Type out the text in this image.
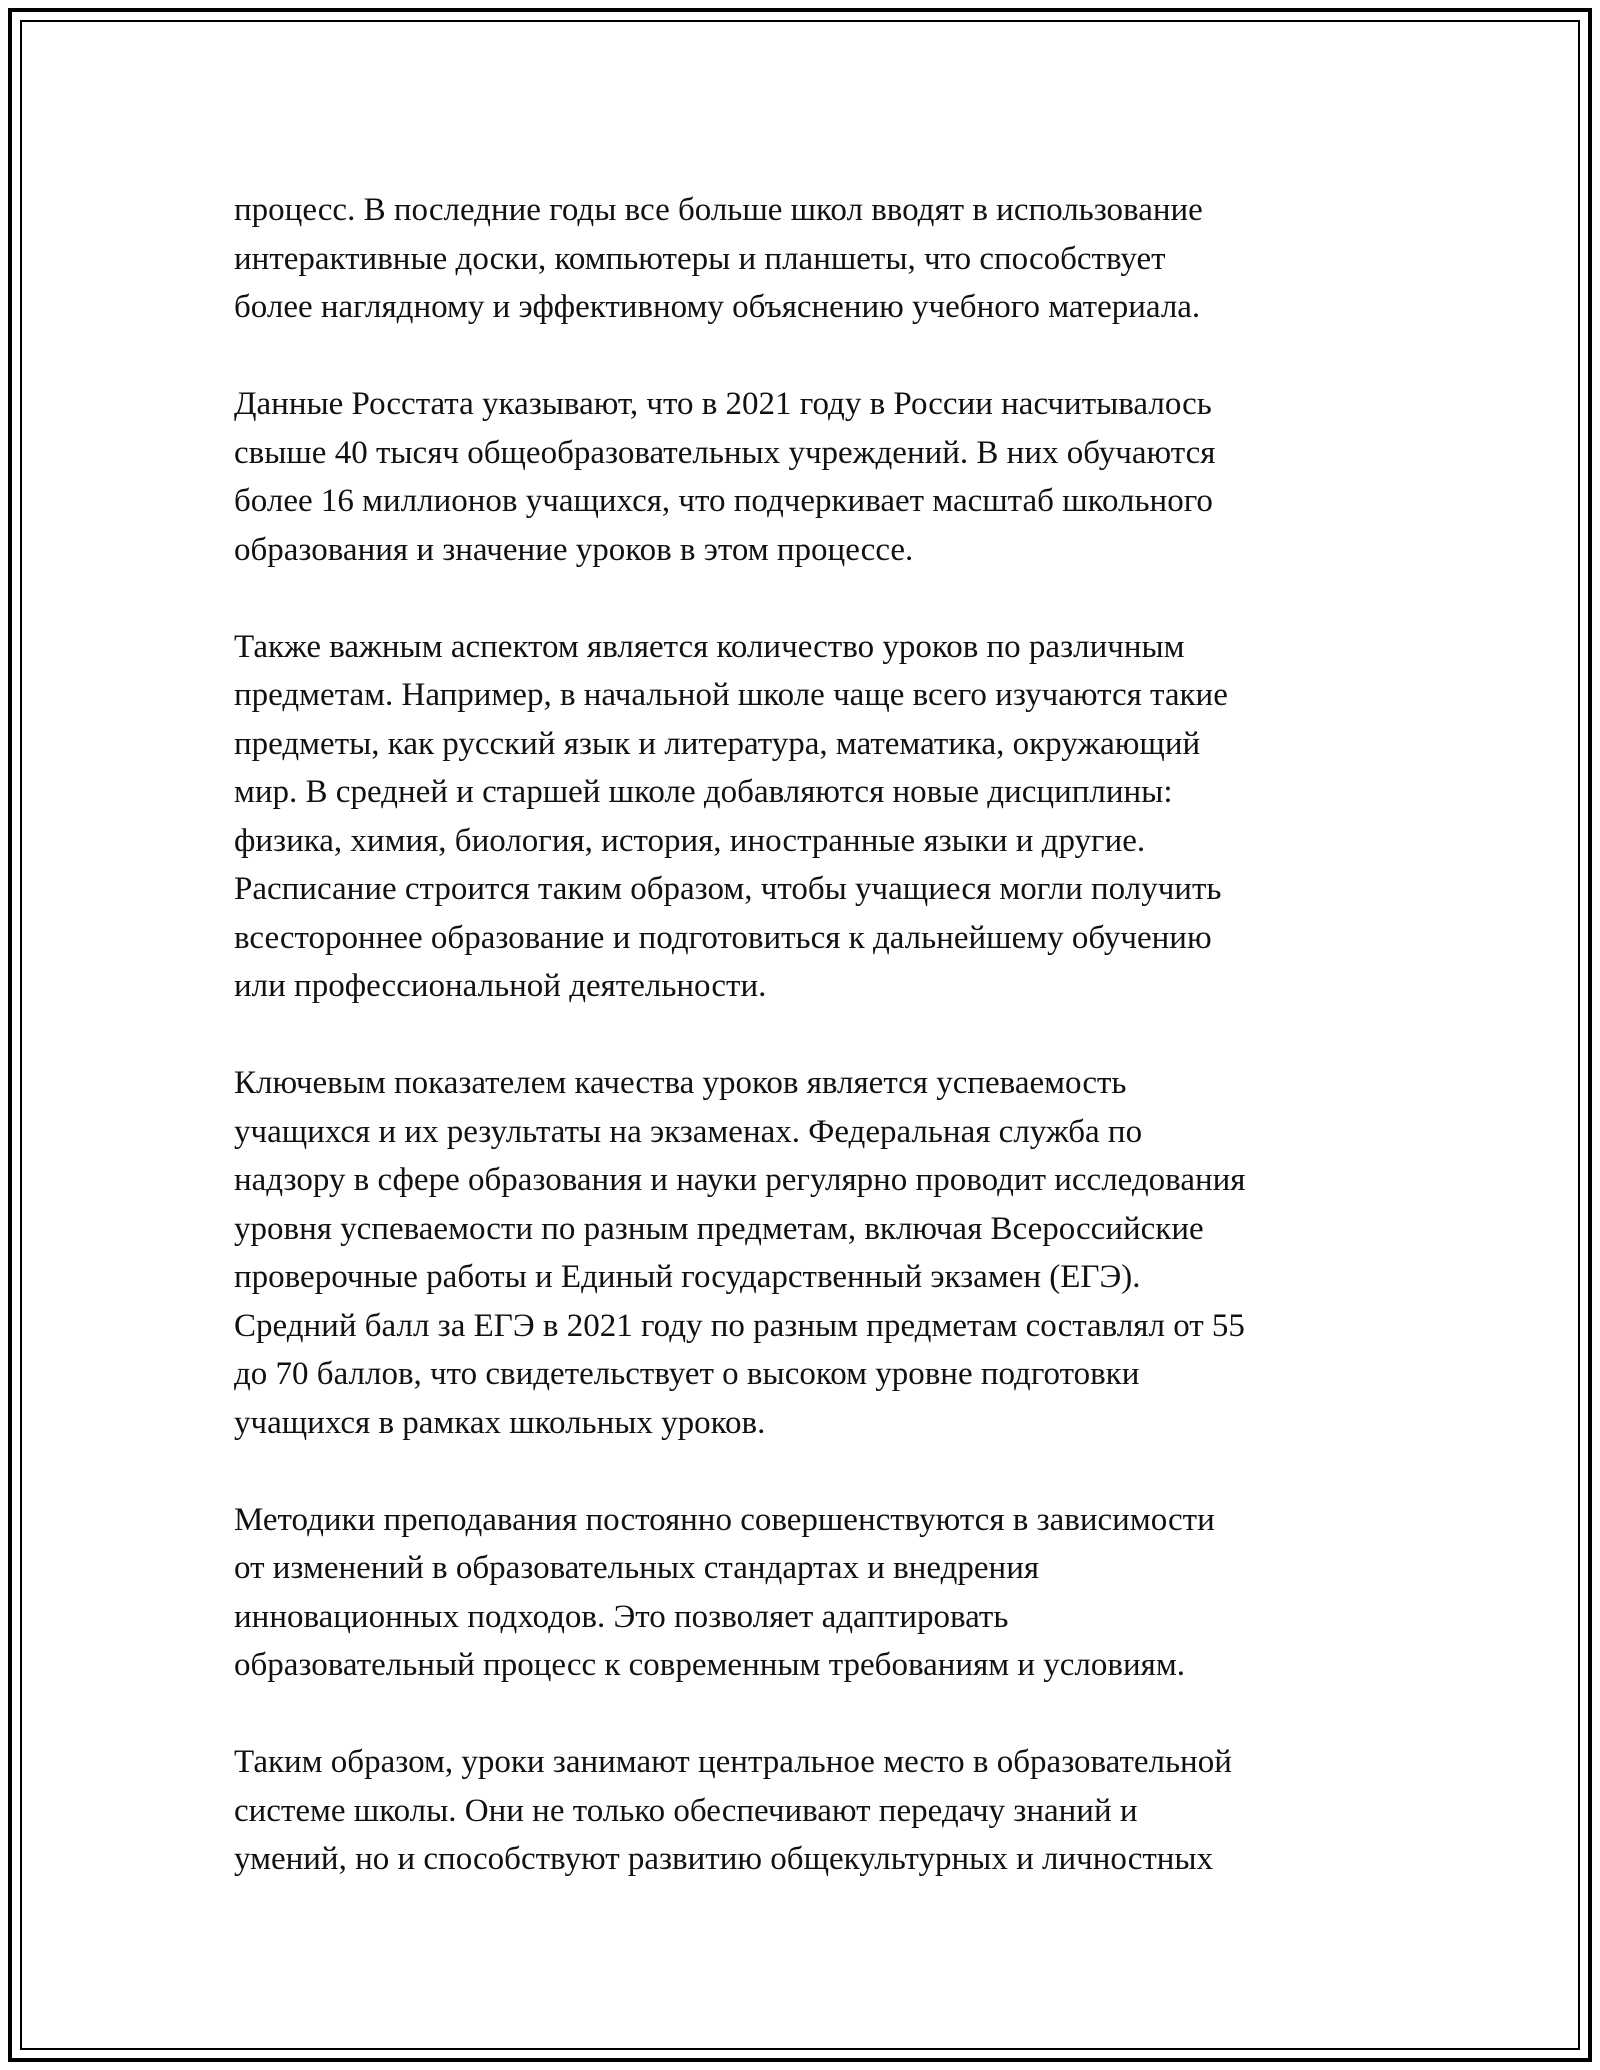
процесс. В последние годы все больше школ вводят в использование
интерактивные доски, компьютеры и планшеты, что способствует
более наглядному и эффективному объяснению учебного материала.

Данные Росстата указывают, что в 2021 году в России насчитывалось
свыше 40 тысяч общеобразовательных учреждений. В них обучаются
более 16 миллионов учащихся, что подчеркивает масштаб школьного
образования и значение уроков в этом процессе.

Также важным аспектом является количество уроков по различным
предметам. Например, в начальной школе чаще всего изучаются такие
предметы, как русский язык и литература, математика, окружающий
мир. В средней и старшей школе добавляются новые дисциплины:
физика, химия, биология, история, иностранные языки и другие.
Расписание строится таким образом, чтобы учащиеся могли получить
всестороннее образование и подготовиться к дальнейшему обучению
или профессиональной деятельности.

Ключевым показателем качества уроков является успеваемость
учащихся и их результаты на экзаменах. Федеральная служба по
надзору в сфере образования и науки регулярно проводит исследования
уровня успеваемости по разным предметам, включая Всероссийские
проверочные работы и Единый государственный экзамен (ЕГЭ).
Средний балл за ЕГЭ в 2021 году по разным предметам составлял от 55
до 70 баллов, что свидетельствует о высоком уровне подготовки
учащихся в рамках школьных уроков.

Методики преподавания постоянно совершенствуются в зависимости
от изменений в образовательных стандартах и внедрения
инновационных подходов. Это позволяет адаптировать
образовательный процесс к современным требованиям и условиям.

Таким образом, уроки занимают центральное место в образовательной
системе школы. Они не только обеспечивают передачу знаний и
умений, но и способствуют развитию общекультурных и личностных
